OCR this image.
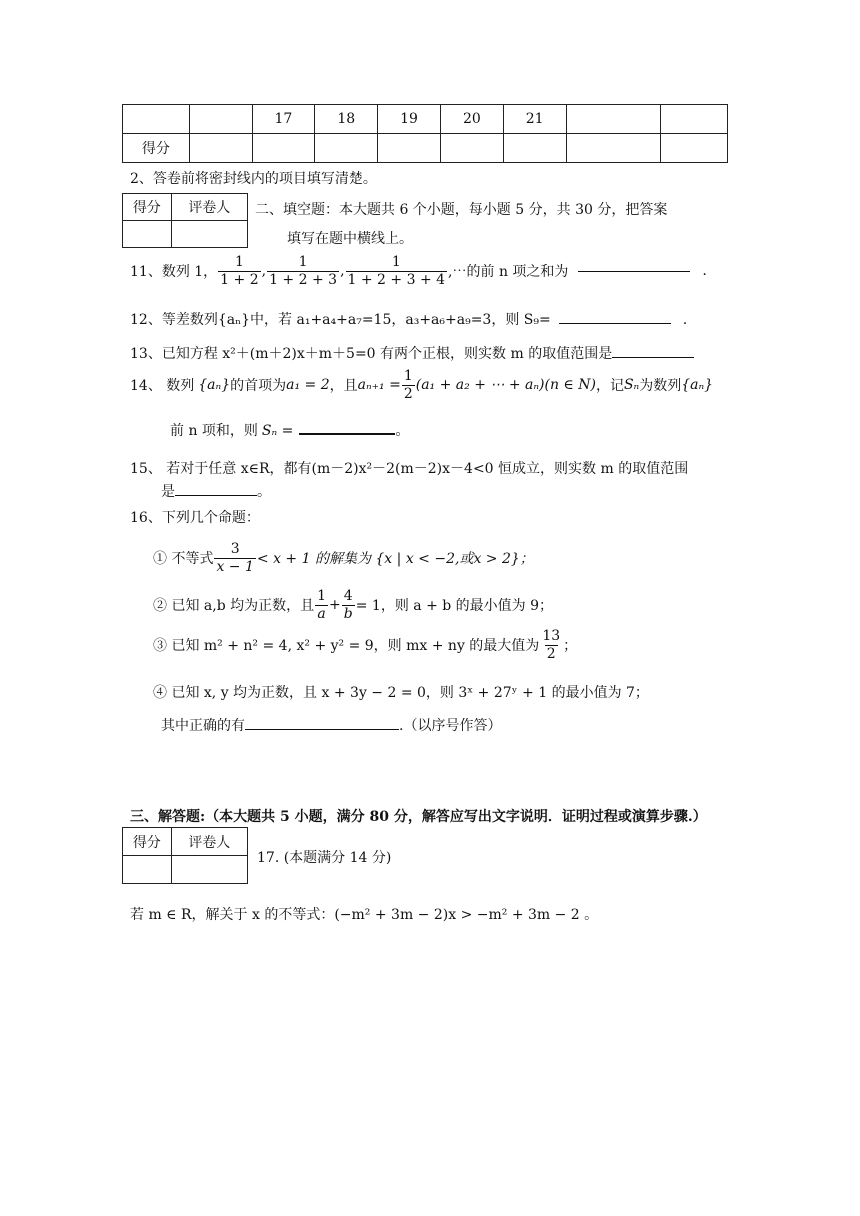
		17	18	19	20	21		
得分								
2、答卷前将密封线内的项目填写清楚。
得分	评卷人
	二、填空题：本大题共 6 个小题，每小题 5 分，共 30 分，把答案
填写在题中横线上。
11、数列 1， $\frac{1}{1 + 2}$ , $\frac{1}{1 + 2 + 3}$ , $\frac{1}{1 + 2 + 3 + 4}$ ,⋯的前 n 项之和为	.
12、等差数列{aₙ}中，若 a₁+a₄+a₇=15，a₃+a₆+a₉=3，则 S₉=	.
13、已知方程 x²＋(m＋2)x＋m＋5=0 有两个正根，则实数 m 的取值范围是
14、 数列 {aₙ} 的首项为 a₁ = 2 ，且 $a_{n+1} = \frac{1}{2} (a_1 + a_2$ + ⋯ + aₙ)(n ∈ N) ，记 Sₙ 为数列 {aₙ}
前 n 项和，则 Sₙ =	。
15、 若对于任意 x∈R，都有(m－2)x²－2(m－2)x－4<0 恒成立，则实数 m 的取值范围
是	。
16、下列几个命题：
① 不等式 $\frac{3}{x - 1} < x + 1$ 的解集为 {x | x < −2,或x > 2}；
② 已知 a,b 均为正数，且 $\frac{1}{a} + \frac{4}{b} = 1$，则 a + b 的最小值为 9；
③ 已知 m² + n² = 4, x² + y² = 9，则 mx + ny 的最大值为 $\frac{13}{2}$ ；
④ 已知 x, y 均为正数，且 x + 3y − 2 = 0，则 3ˣ + 27ʸ + 1 的最小值为 7；
其中正确的有	.（以序号作答）
三、解答题:（本大题共 5 小题，满分 80 分，解答应写出文字说明．证明过程或演算步骤.）
得分	评卷人

17. (本题满分 14 分)
若 m ∈ R，解关于 x 的不等式：(−m² + 3m − 2)x > −m² + 3m − 2 。
